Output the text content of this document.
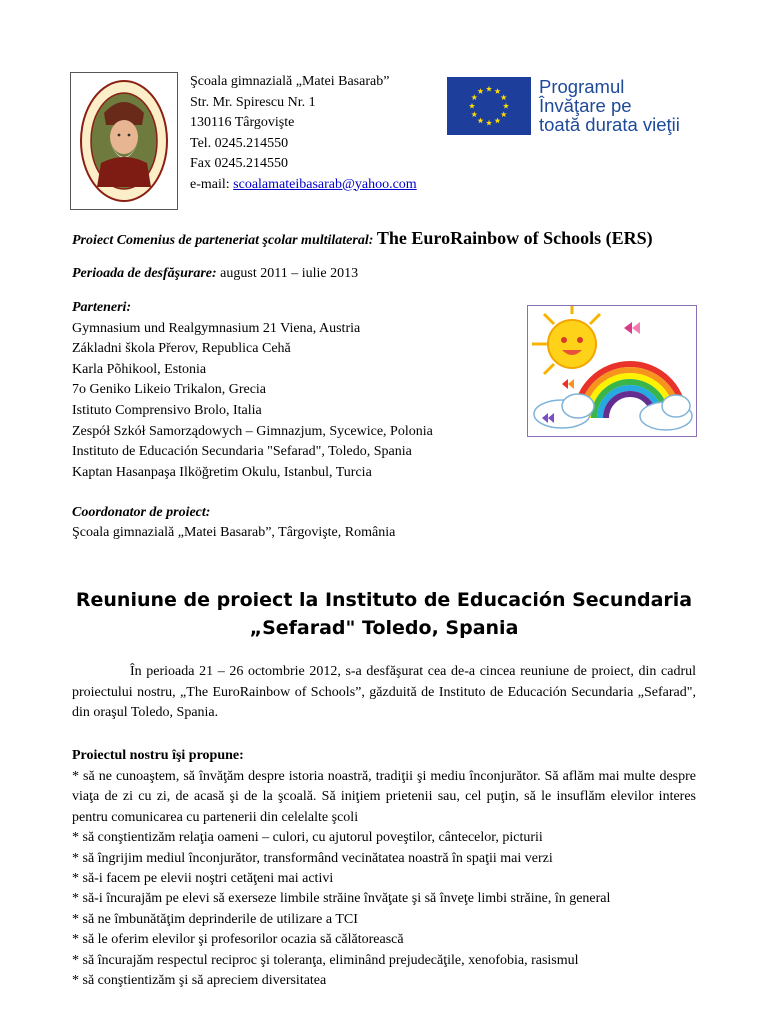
Şcoala gimnazială „Matei Basarab”
Str. Mr. Spirescu Nr. 1
130116 Târgovişte
Tel. 0245.214550
Fax 0245.214550
e-mail: scoalamateibasarab@yahoo.com
Programul
Învăţare pe
toată durata vieţii
Proiect Comenius de parteneriat şcolar multilateral: The EuroRainbow of Schools (ERS)
Perioada de desfăşurare: august 2011 – iulie 2013
Parteneri:
Gymnasium und Realgymnasium 21 Viena, Austria
Základni škola Přerov, Republica Cehă
Karla Põhikool, Estonia
7o Geniko Likeio Trikalon, Grecia
Istituto Comprensivo Brolo, Italia
Zespół Szkół Samorządowych – Gimnazjum, Sycewice, Polonia
Instituto de Educación Secundaria "Sefarad", Toledo, Spania
Kaptan Hasanpaşa Ilköğretim Okulu, Istanbul, Turcia
Coordonator de proiect:
Şcoala gimnazială „Matei Basarab”, Târgovişte, România
Reuniune de proiect la Instituto de Educación Secundaria
„Sefarad" Toledo, Spania
În perioada 21 – 26 octombrie 2012, s-a desfăşurat cea de-a cincea reuniune de proiect, din cadrul proiectului nostru, „The EuroRainbow of Schools”, găzduită de Instituto de Educación Secundaria „Sefarad", din oraşul Toledo, Spania.
Proiectul nostru îşi propune:
* să ne cunoaştem, să învăţăm despre istoria noastră, tradiţii şi mediu înconjurător. Să aflăm mai multe despre viaţa de zi cu zi, de acasă şi de la şcoală. Să iniţiem prietenii sau, cel puţin, să le insuflăm elevilor interes pentru comunicarea cu partenerii din celelalte şcoli
* să conştientizăm relaţia oameni – culori, cu ajutorul poveştilor, cântecelor, picturii
* să îngrijim mediul înconjurător, transformând vecinătatea noastră în spaţii mai verzi
* să-i facem pe elevii noştri cetăţeni mai activi
* să-i încurajăm pe elevi să exerseze limbile străine învăţate şi să înveţe limbi străine, în general
* să ne îmbunătăţim deprinderile de utilizare a TCI
* să le oferim elevilor şi profesorilor ocazia să călătorească
* să încurajăm respectul reciproc şi toleranţa, eliminând prejudecăţile, xenofobia, rasismul
* să conştientizăm şi să apreciem diversitatea
